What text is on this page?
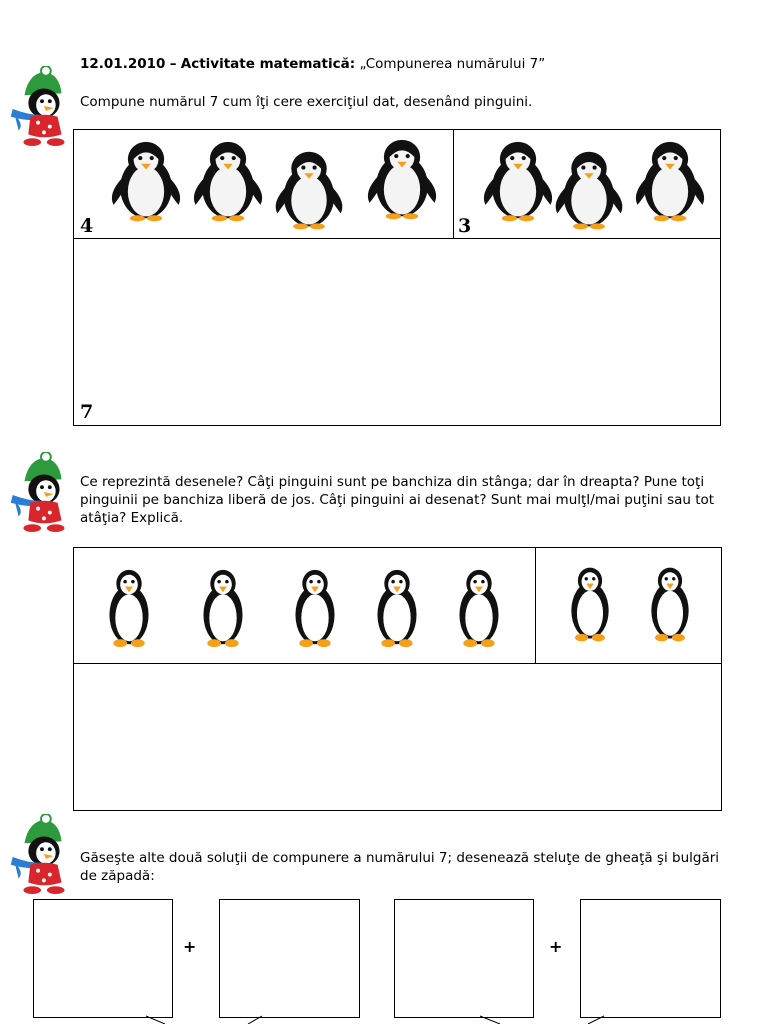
12.01.2010 – Activitate matematică: „Compunerea numărului 7”
Compune numărul 7 cum îţi cere exerciţiul dat, desenând pinguini.
4	3
7
Ce reprezintă desenele? Câţi pinguini sunt pe banchiza din stânga; dar în dreapta? Pune toţi pinguinii pe banchiza liberă de jos. Câţi pinguini ai desenat? Sunt mai mulţI/mai puţini sau tot atâţia? Explică.
Găseşte alte două soluţii de compunere a numărului 7; desenează steluţe de gheaţă şi bulgări de zăpadă:
+	+
